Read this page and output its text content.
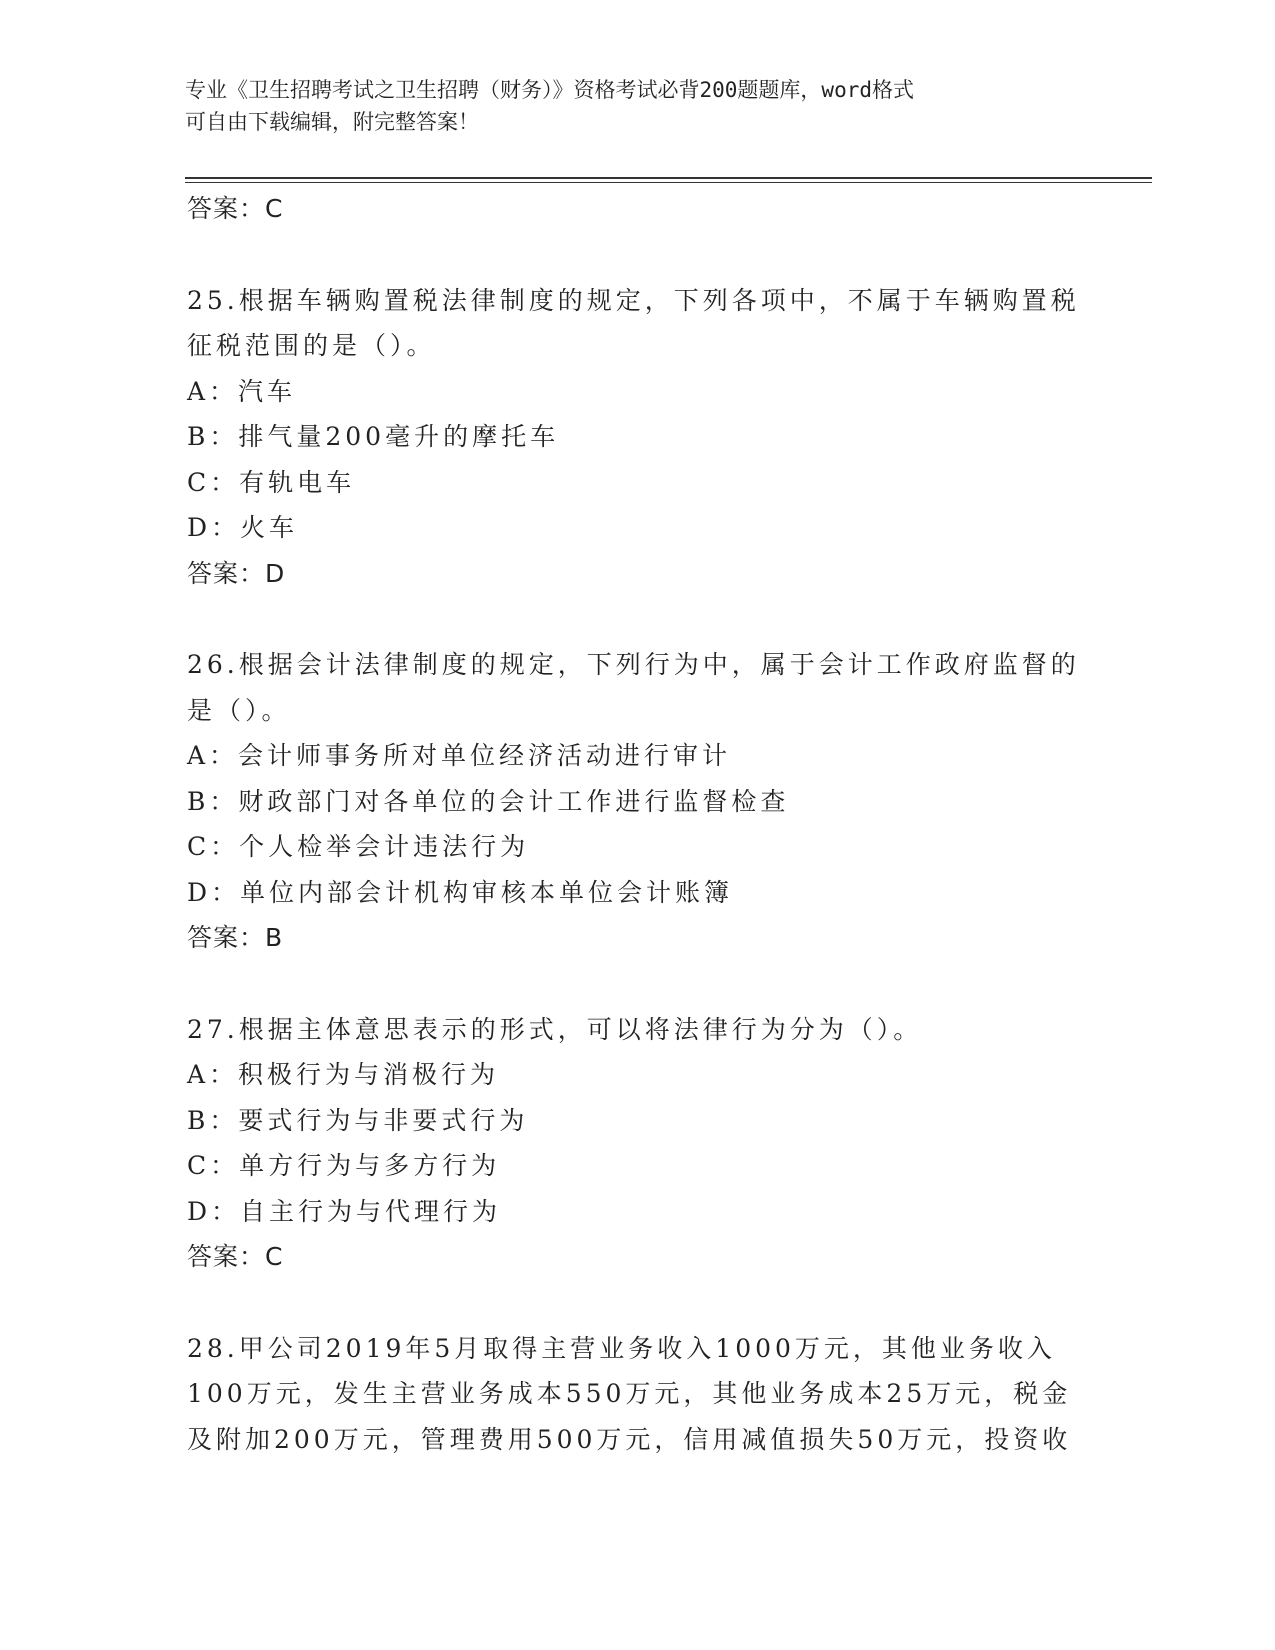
专业《卫生招聘考试之卫生招聘（财务）》资格考试必背200题题库，word格式
可自由下载编辑，附完整答案！
答案：C
25.根据车辆购置税法律制度的规定，下列各项中，不属于车辆购置税
征税范围的是（）。
A：汽车
B：排气量200毫升的摩托车
C：有轨电车
D：火车
答案：D
26.根据会计法律制度的规定，下列行为中，属于会计工作政府监督的
是（）。
A：会计师事务所对单位经济活动进行审计
B：财政部门对各单位的会计工作进行监督检查
C：个人检举会计违法行为
D：单位内部会计机构审核本单位会计账簿
答案：B
27.根据主体意思表示的形式，可以将法律行为分为（）。
A：积极行为与消极行为
B：要式行为与非要式行为
C：单方行为与多方行为
D：自主行为与代理行为
答案：C
28.甲公司2019年5月取得主营业务收入1000万元，其他业务收入
100万元，发生主营业务成本550万元，其他业务成本25万元，税金
及附加200万元，管理费用500万元，信用减值损失50万元，投资收
